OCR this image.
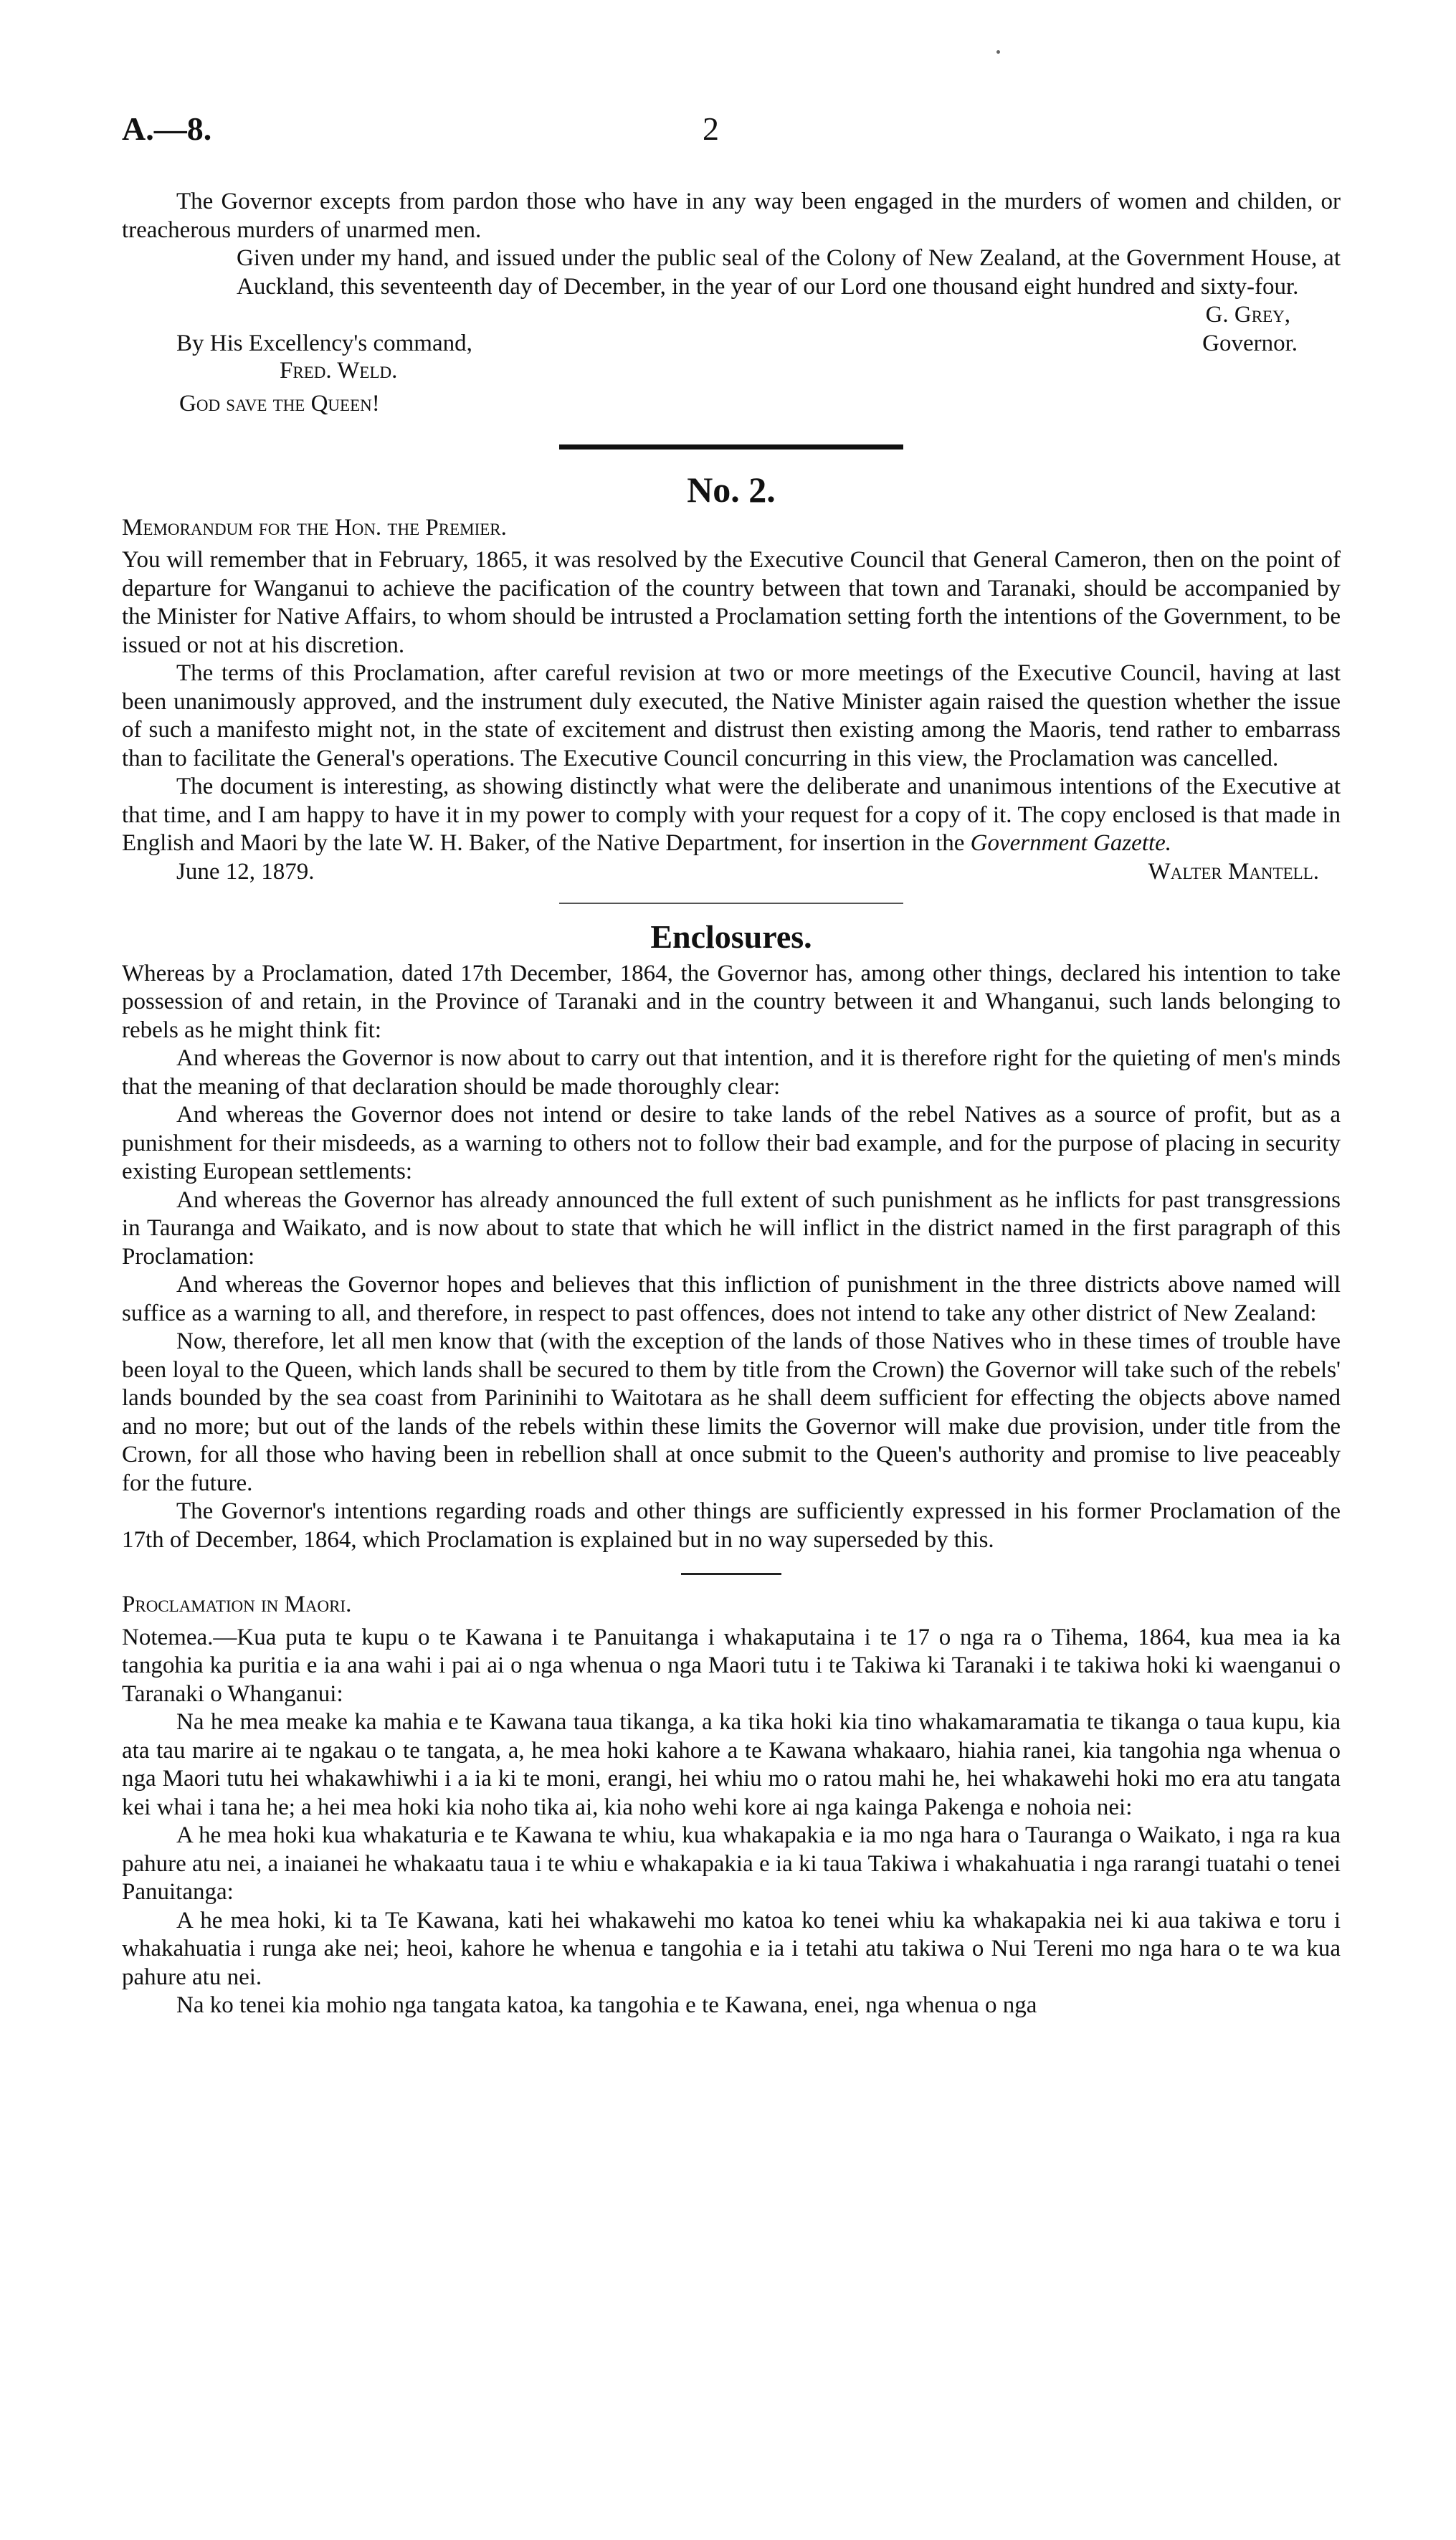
A.—8.	2

The Governor excepts from pardon those who have in any way been engaged in the murders of women and childen, or treacherous murders of unarmed men.

Given under my hand, and issued under the public seal of the Colony of New Zealand, at the Government House, at Auckland, this seventeenth day of December, in the year of our Lord one thousand eight hundred and sixty-four.

G. Grey,
By His Excellency's command,
Fred. Weld.
Governor.

God save the Queen!

No. 2.

Memorandum for the Hon. the Premier.

You will remember that in February, 1865, it was resolved by the Executive Council that General Cameron, then on the point of departure for Wanganui to achieve the pacification of the country between that town and Taranaki, should be accompanied by the Minister for Native Affairs, to whom should be intrusted a Proclamation setting forth the intentions of the Government, to be issued or not at his discretion.

The terms of this Proclamation, after careful revision at two or more meetings of the Executive Council, having at last been unanimously approved, and the instrument duly executed, the Native Minister again raised the question whether the issue of such a manifesto might not, in the state of excitement and distrust then existing among the Maoris, tend rather to embarrass than to facilitate the General's operations. The Executive Council concurring in this view, the Proclamation was cancelled.

The document is interesting, as showing distinctly what were the deliberate and unanimous intentions of the Executive at that time, and I am happy to have it in my power to comply with your request for a copy of it. The copy enclosed is that made in English and Maori by the late W. H. Baker, of the Native Department, for insertion in the Government Gazette.

June 12, 1879.	Walter Mantell.
Enclosures.

Whereas by a Proclamation, dated 17th December, 1864, the Governor has, among other things, declared his intention to take possession of and retain, in the Province of Taranaki and in the country between it and Whanganui, such lands belonging to rebels as he might think fit:

And whereas the Governor is now about to carry out that intention, and it is therefore right for the quieting of men's minds that the meaning of that declaration should be made thoroughly clear:

And whereas the Governor does not intend or desire to take lands of the rebel Natives as a source of profit, but as a punishment for their misdeeds, as a warning to others not to follow their bad example, and for the purpose of placing in security existing European settlements:

And whereas the Governor has already announced the full extent of such punishment as he inflicts for past transgressions in Tauranga and Waikato, and is now about to state that which he will inflict in the district named in the first paragraph of this Proclamation:

And whereas the Governor hopes and believes that this infliction of punishment in the three districts above named will suffice as a warning to all, and therefore, in respect to past offences, does not intend to take any other district of New Zealand:

Now, therefore, let all men know that (with the exception of the lands of those Natives who in these times of trouble have been loyal to the Queen, which lands shall be secured to them by title from the Crown) the Governor will take such of the rebels' lands bounded by the sea coast from Parininihi to Waitotara as he shall deem sufficient for effecting the objects above named and no more; but out of the lands of the rebels within these limits the Governor will make due provision, under title from the Crown, for all those who having been in rebellion shall at once submit to the Queen's authority and promise to live peaceably for the future.

The Governor's intentions regarding roads and other things are sufficiently expressed in his former Proclamation of the 17th of December, 1864, which Proclamation is explained but in no way superseded by this.

Proclamation in Maori.

Notemea.—Kua puta te kupu o te Kawana i te Panuitanga i whakaputaina i te 17 o nga ra o Tihema, 1864, kua mea ia ka tangohia ka puritia e ia ana wahi i pai ai o nga whenua o nga Maori tutu i te Takiwa ki Taranaki i te takiwa hoki ki waenganui o Taranaki o Whanganui:

Na he mea meake ka mahia e te Kawana taua tikanga, a ka tika hoki kia tino whakamaramatia te tikanga o taua kupu, kia ata tau marire ai te ngakau o te tangata, a, he mea hoki kahore a te Kawana whakaaro, hiahia ranei, kia tangohia nga whenua o nga Maori tutu hei whakawhiwhi i a ia ki te moni, erangi, hei whiu mo o ratou mahi he, hei whakawehi hoki mo era atu tangata kei whai i tana he; a hei mea hoki kia noho tika ai, kia noho wehi kore ai nga kainga Pakenga e nohoia nei:

A he mea hoki kua whakaturia e te Kawana te whiu, kua whakapakia e ia mo nga hara o Tauranga o Waikato, i nga ra kua pahure atu nei, a inaianei he whakaatu taua i te whiu e whakapakia e ia ki taua Takiwa i whakahuatia i nga rarangi tuatahi o tenei Panuitanga:

A he mea hoki, ki ta Te Kawana, kati hei whakawehi mo katoa ko tenei whiu ka whakapakia nei ki aua takiwa e toru i whakahuatia i runga ake nei; heoi, kahore he whenua e tangohia e ia i tetahi atu takiwa o Nui Tereni mo nga hara o te wa kua pahure atu nei.

Na ko tenei kia mohio nga tangata katoa, ka tangohia e te Kawana, enei, nga whenua o nga
